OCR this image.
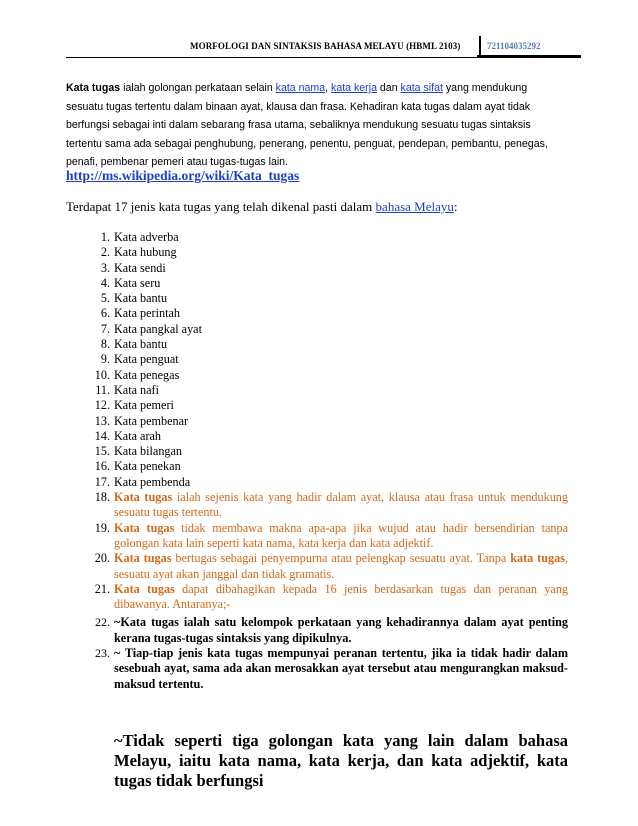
MORFOLOGI DAN SINTAKSIS BAHASA MELAYU (HBML 2103)	721104035292
Kata tugas ialah golongan perkataan selain kata nama, kata kerja dan kata sifat yang mendukung sesuatu tugas tertentu dalam binaan ayat, klausa dan frasa. Kehadiran kata tugas dalam ayat tidak berfungsi sebagai inti dalam sebarang frasa utama, sebaliknya mendukung sesuatu tugas sintaksis tertentu sama ada sebagai penghubung, penerang, penentu, penguat, pendepan, pembantu, penegas, penafi, pembenar pemeri atau tugas-tugas lain.
http://ms.wikipedia.org/wiki/Kata_tugas
Terdapat 17 jenis kata tugas yang telah dikenal pasti dalam bahasa Melayu:
1. Kata adverba
2. Kata hubung
3. Kata sendi
4. Kata seru
5. Kata bantu
6. Kata perintah
7. Kata pangkal ayat
8. Kata bantu
9. Kata penguat
10. Kata penegas
11. Kata nafi
12. Kata pemeri
13. Kata pembenar
14. Kata arah
15. Kata bilangan
16. Kata penekan
17. Kata pembenda
18. Kata tugas ialah sejenis kata yang hadir dalam ayat, klausa atau frasa untuk mendukung sesuatu tugas tertentu.
19. Kata tugas tidak membawa makna apa-apa jika wujud atau hadir bersendirian tanpa golongan kata lain seperti kata nama, kata kerja dan kata adjektif.
20. Kata tugas bertugas sebagai penyempurna atau pelengkap sesuatu ayat. Tanpa kata tugas, sesuatu ayat akan janggal dan tidak gramatis.
21. Kata tugas dapat dibahagikan kepada 16 jenis berdasarkan tugas dan peranan yang dibawanya. Antaranya;-
22. ~Kata tugas ialah satu kelompok perkataan yang kehadirannya dalam ayat penting kerana tugas-tugas sintaksis yang dipikulnya.
23. ~ Tiap-tiap jenis kata tugas mempunyai peranan tertentu, jika ia tidak hadir dalam sesebuah ayat, sama ada akan merosakkan ayat tersebut atau mengurangkan maksud-maksud tertentu.

~Tidak seperti tiga golongan kata yang lain dalam bahasa Melayu, iaitu kata nama, kata kerja, dan kata adjektif, kata tugas tidak berfungsi
